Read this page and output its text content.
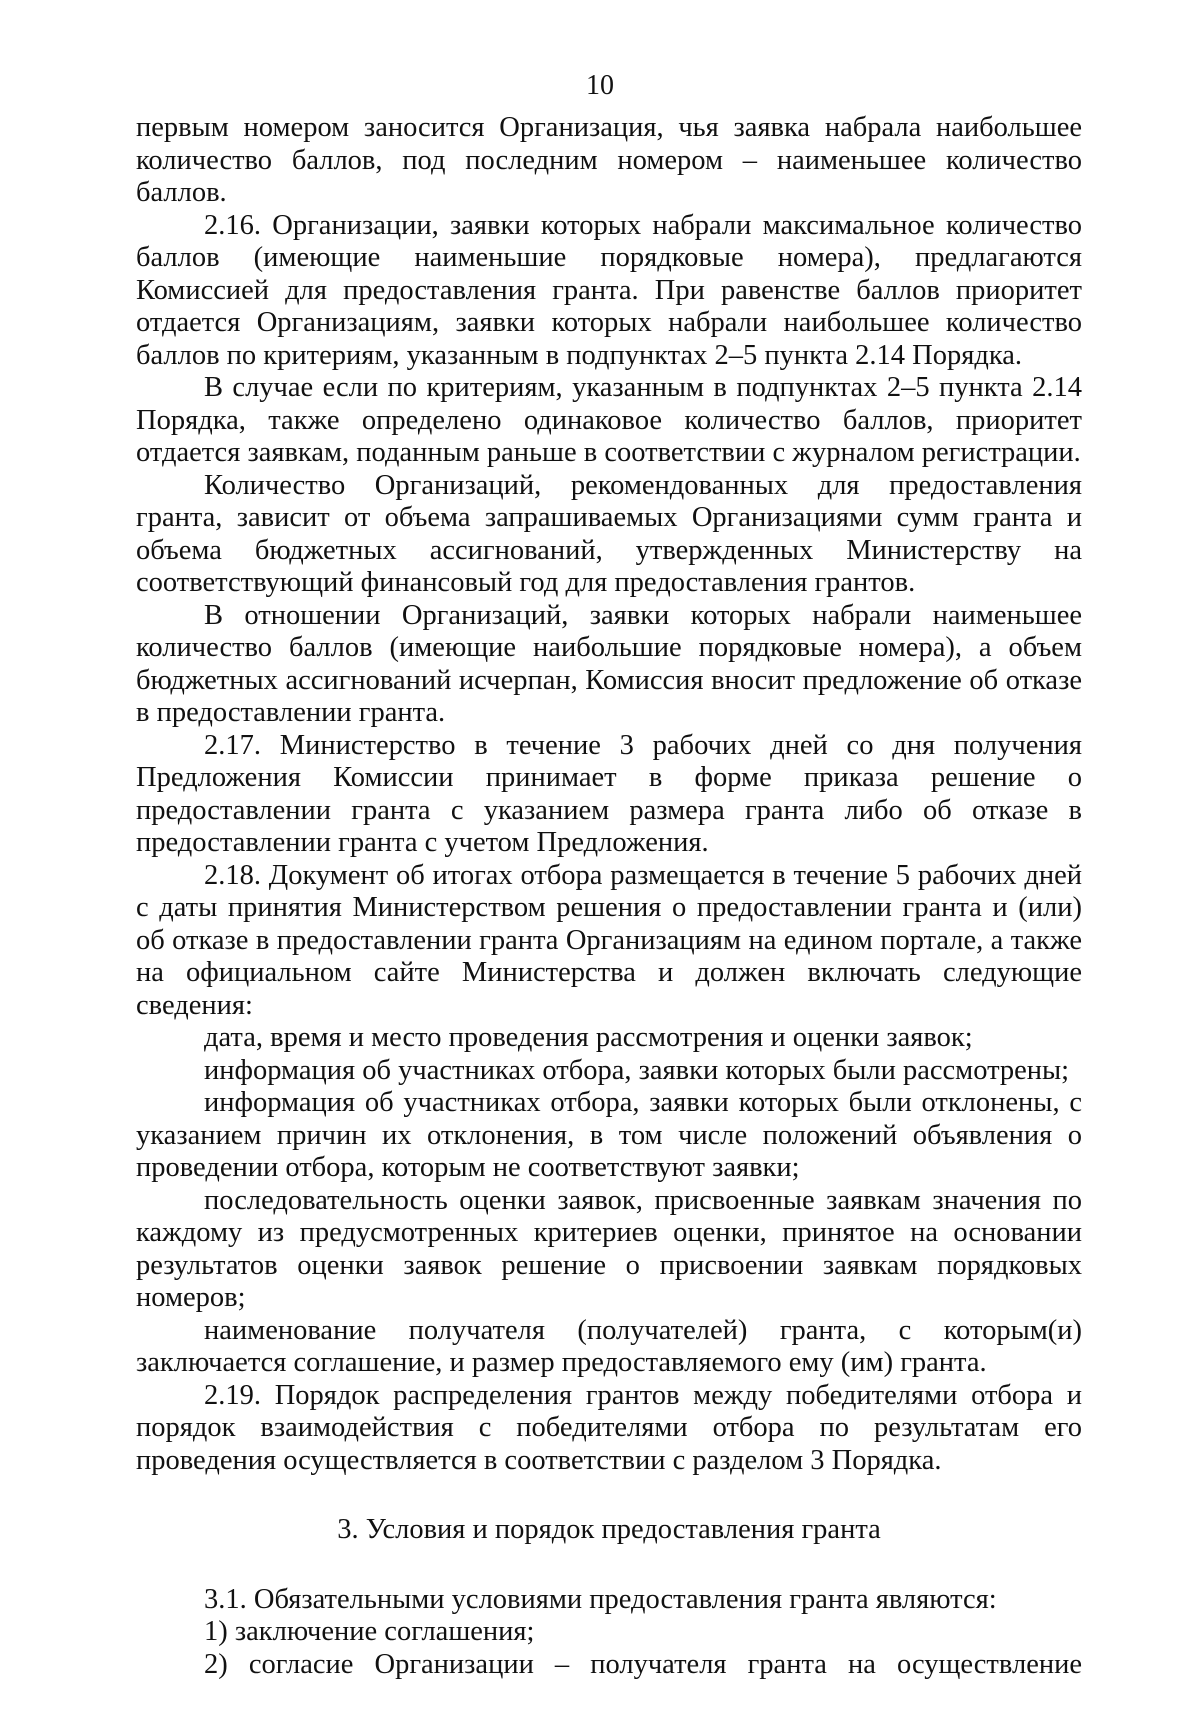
10

первым номером заносится Организация, чья заявка набрала наибольшее количество баллов, под последним номером – наименьшее количество баллов.

2.16. Организации, заявки которых набрали максимальное количество баллов (имеющие наименьшие порядковые номера), предлагаются Комиссией для предоставления гранта. При равенстве баллов приоритет отдается Организациям, заявки которых набрали наибольшее количество баллов по критериям, указанным в подпунктах 2–5 пункта 2.14 Порядка.

В случае если по критериям, указанным в подпунктах 2–5 пункта 2.14 Порядка, также определено одинаковое количество баллов, приоритет отдается заявкам, поданным раньше в соответствии с журналом регистрации.

Количество Организаций, рекомендованных для предоставления гранта, зависит от объема запрашиваемых Организациями сумм гранта и объема бюджетных ассигнований, утвержденных Министерству на соответствующий финансовый год для предоставления грантов.

В отношении Организаций, заявки которых набрали наименьшее количество баллов (имеющие наибольшие порядковые номера), а объем бюджетных ассигнований исчерпан, Комиссия вносит предложение об отказе в предоставлении гранта.

2.17. Министерство в течение 3 рабочих дней со дня получения Предложения Комиссии принимает в форме приказа решение о предоставлении гранта с указанием размера гранта либо об отказе в предоставлении гранта с учетом Предложения.

2.18. Документ об итогах отбора размещается в течение 5 рабочих дней с даты принятия Министерством решения о предоставлении гранта и (или) об отказе в предоставлении гранта Организациям на едином портале, а также на официальном сайте Министерства и должен включать следующие сведения:

дата, время и место проведения рассмотрения и оценки заявок;

информация об участниках отбора, заявки которых были рассмотрены;

информация об участниках отбора, заявки которых были отклонены, с указанием причин их отклонения, в том числе положений объявления о проведении отбора, которым не соответствуют заявки;

последовательность оценки заявок, присвоенные заявкам значения по каждому из предусмотренных критериев оценки, принятое на основании результатов оценки заявок решение о присвоении заявкам порядковых номеров;

наименование получателя (получателей) гранта, с которым(и) заключается соглашение, и размер предоставляемого ему (им) гранта.

2.19. Порядок распределения грантов между победителями отбора и порядок взаимодействия с победителями отбора по результатам его проведения осуществляется в соответствии с разделом 3 Порядка.

3. Условия и порядок предоставления гранта

3.1. Обязательными условиями предоставления гранта являются:

1) заключение соглашения;

2) согласие Организации – получателя гранта на осуществление
